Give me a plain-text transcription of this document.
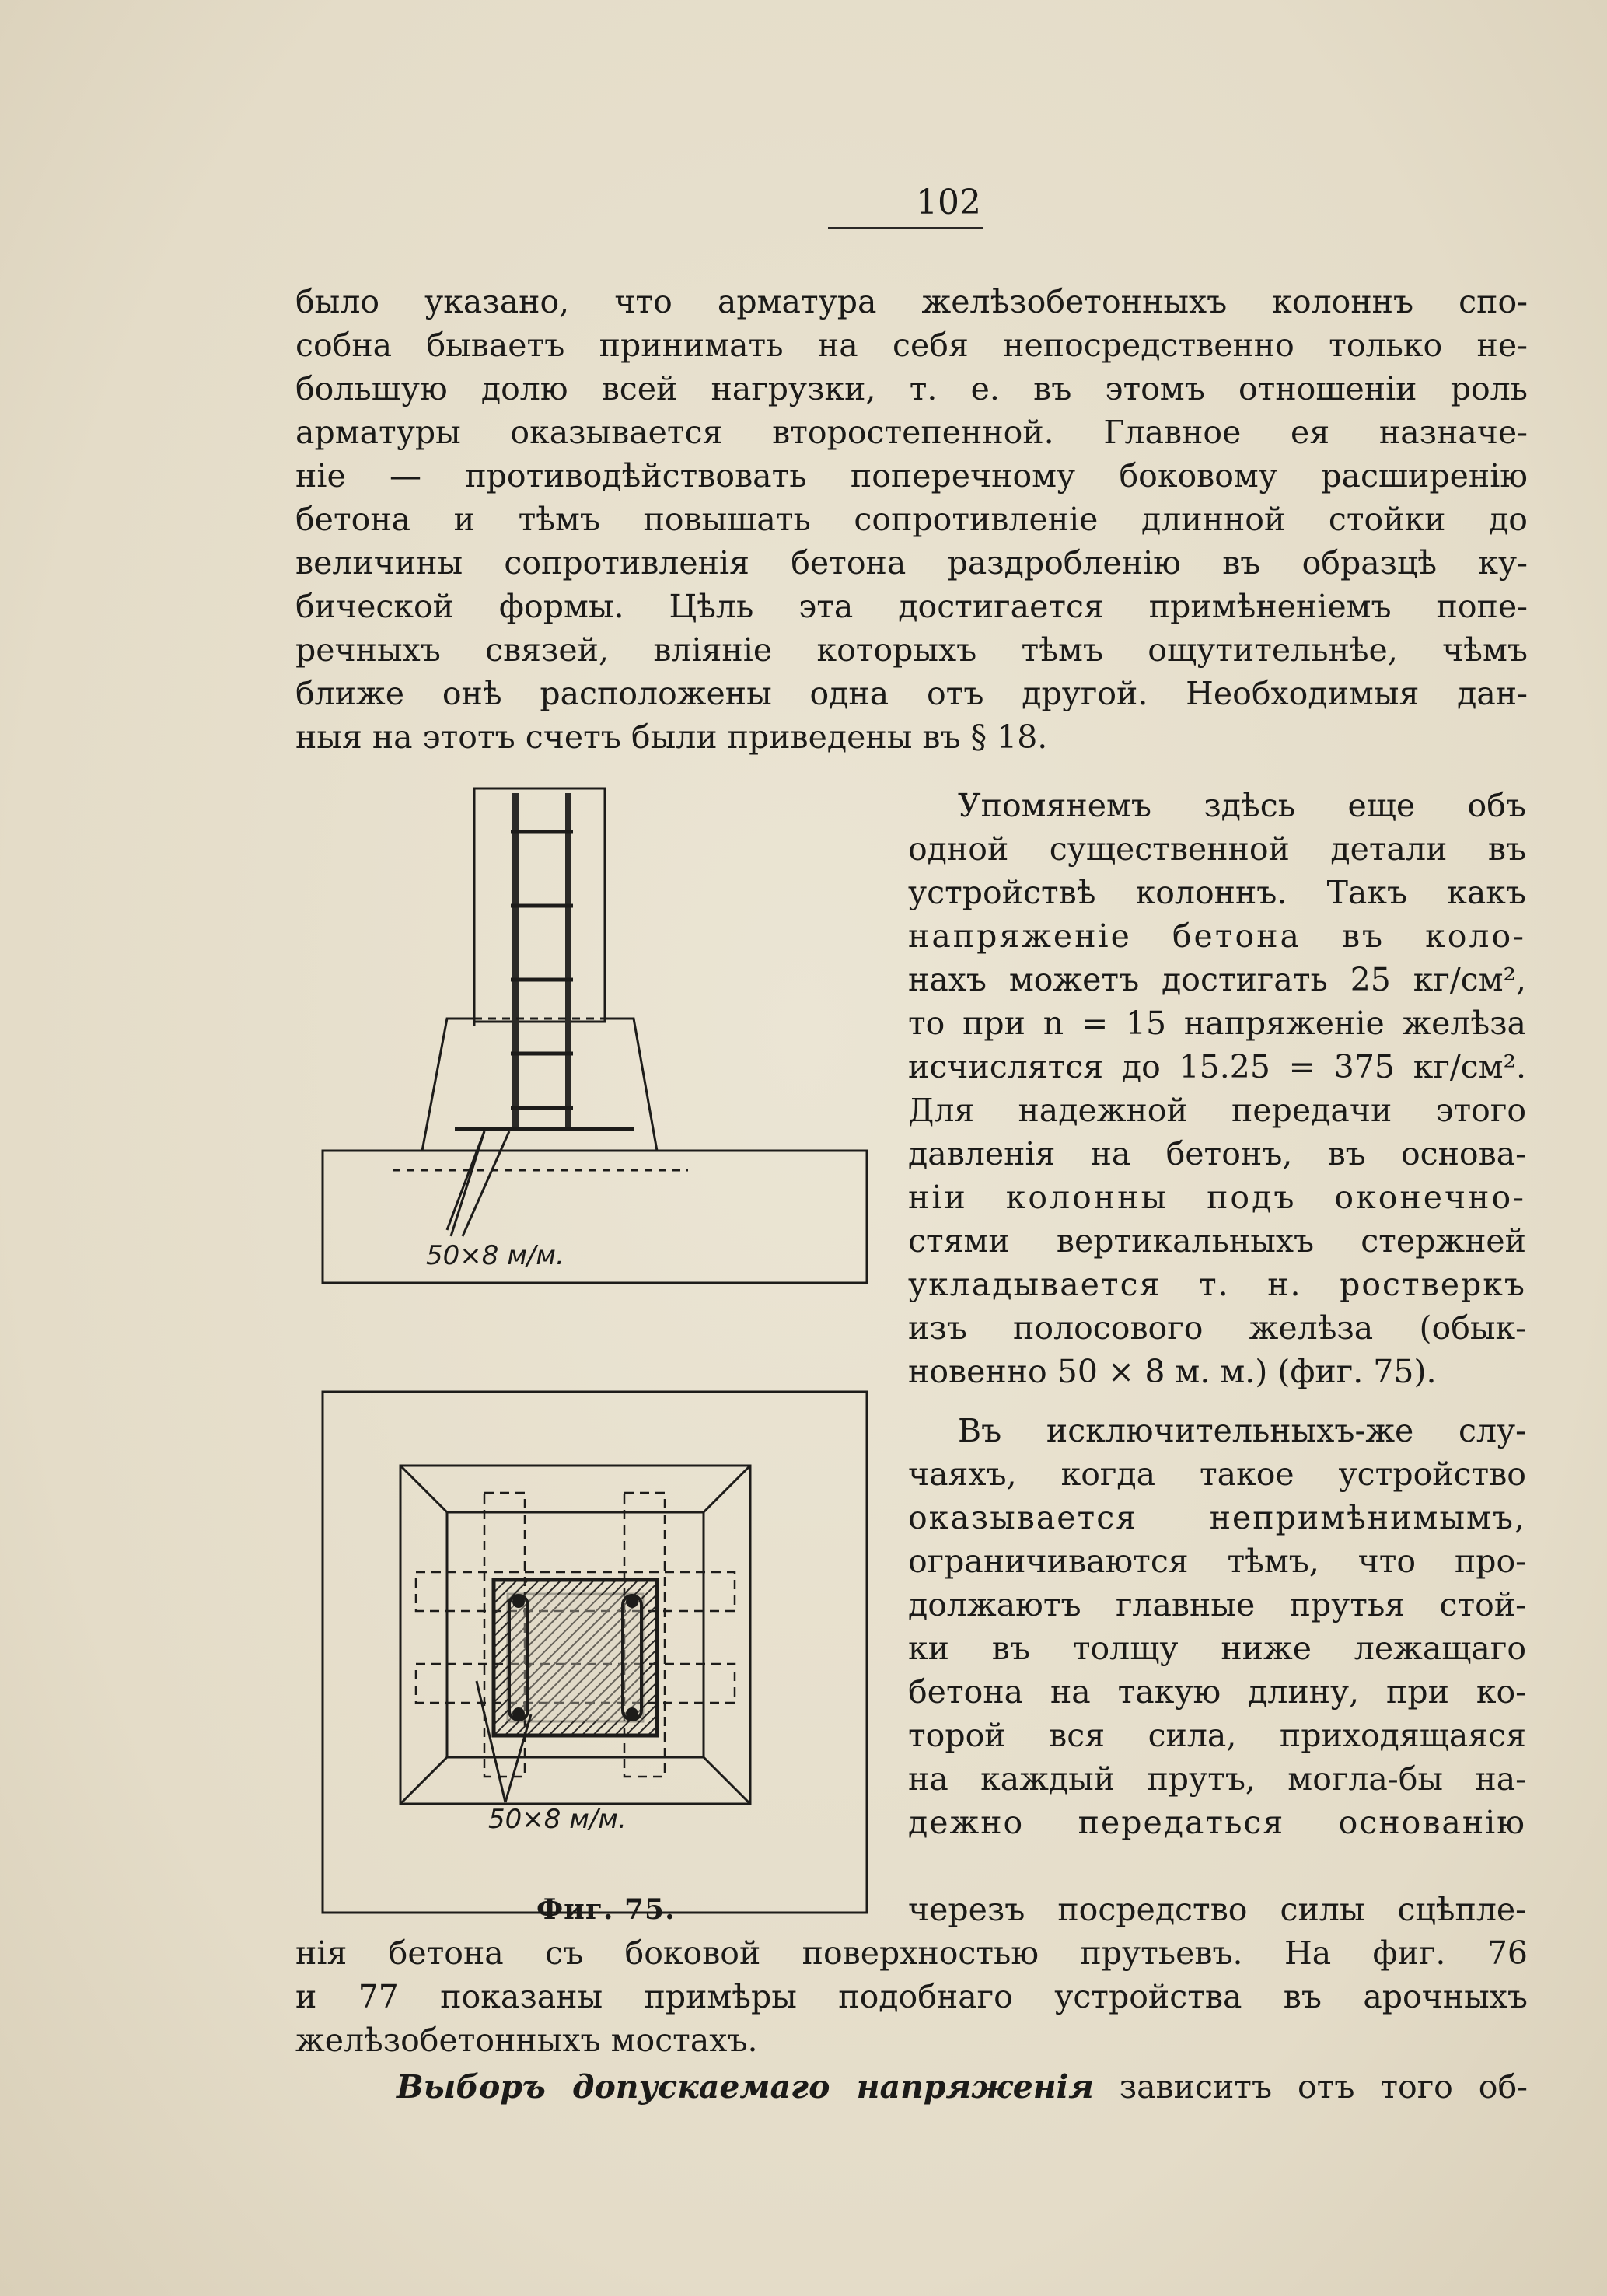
102
было указано, что арматура желѣзобетонныхъ колоннъ спо-
собна бываетъ принимать на себя непосредственно только не-
большую долю всей нагрузки, т. е. въ этомъ отношеніи роль
арматуры оказывается второстепенной. Главное ея назначе-
ніе — противодѣйствовать поперечному боковому расширенію
бетона и тѣмъ повышать сопротивленіе длинной стойки до
величины сопротивленія бетона раздробленію въ образцѣ ку-
бической формы. Цѣль эта достигается примѣненіемъ попе-
речныхъ связей, вліяніе которыхъ тѣмъ ощутительнѣе, чѣмъ
ближе онѣ расположены одна отъ другой. Необходимыя дан-
ныя на этотъ счетъ были приведены въ § 18.
Упомянемъ здѣсь еще объ
одной существенной детали въ
устройствѣ колоннъ. Такъ какъ
напряженіе бетона въ коло-
нахъ можетъ достигать 25 кг/см²,
то при n = 15 напряженіе желѣза
исчислятся до 15.25 = 375 кг/см².
Для надежной передачи этого
давленія на бетонъ, въ основа-
ніи колонны подъ оконечно-
стями вертикальныхъ стержней
укладывается т. н. ростверкъ
изъ полосового желѣза (обык-
новенно 50 × 8 м. м.) (фиг. 75).
Въ исключительныхъ-же слу-
чаяхъ, когда такое устройство
оказывается непримѣнимымъ,
ограничиваются тѣмъ, что про-
должаютъ главные прутья стой-
ки въ толщу ниже лежащаго
бетона на такую длину, при ко-
торой вся сила, приходящаяся
на каждый прутъ, могла-бы на-
дежно передаться основанію
черезъ посредство силы сцѣпле-
нія бетона съ боковой поверхностью прутьевъ. На фиг. 76
и 77 показаны примѣры подобнаго устройства въ арочныхъ
желѣзобетонныхъ мостахъ.
Выборъ допускаемаго напряженія зависитъ отъ того об-
50×8 м/м.
50×8 м/м.
Фиг. 75.
